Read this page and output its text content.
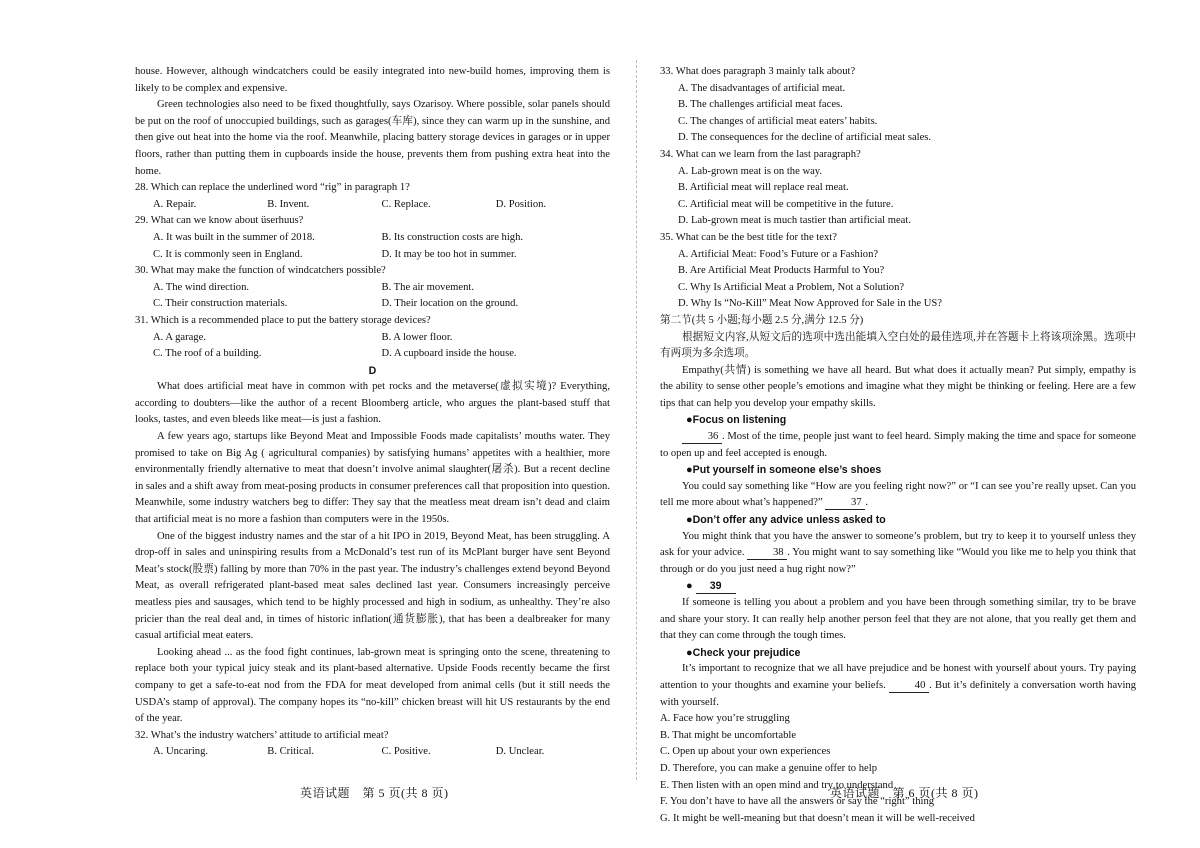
house. However, although windcatchers could be easily integrated into new-build homes, improving them is likely to be complex and expensive.

Green technologies also need to be fixed thoughtfully, says Ozarisoy. Where possible, solar panels should be put on the roof of unoccupied buildings, such as garages(车库), since they can warm up in the sunshine, and then give out heat into the home via the roof. Meanwhile, placing battery storage devices in garages or in upper floors, rather than putting them in cupboards inside the house, prevents them from pushing extra heat into the home.

28. Which can replace the underlined word “rig” in paragraph 1?

A. Repair.	B. Invent.	C. Replace.	D. Position.

29. What can we know about üserhuus?

A. It was built in the summer of 2018.	B. Its construction costs are high.
C. It is commonly seen in England.	D. It may be too hot in summer.

30. What may make the function of windcatchers possible?

A. The wind direction.	B. The air movement.
C. Their construction materials.	D. Their location on the ground.

31. Which is a recommended place to put the battery storage devices?

A. A garage.	B. A lower floor.
C. The roof of a building.	D. A cupboard inside the house.
D

What does artificial meat have in common with pet rocks and the metaverse(虚拟实境)? Everything, according to doubters—like the author of a recent Bloomberg article, who argues the plant-based stuff that looks, tastes, and even bleeds like meat—is just a fashion.

A few years ago, startups like Beyond Meat and Impossible Foods made capitalists’ mouths water. They promised to take on Big Ag ( agricultural companies) by satisfying humans’ appetites with a healthier, more environmentally friendly alternative to meat that doesn’t involve animal slaughter(屠杀). But a recent decline in sales and a shift away from meat-posing products in consumer preferences call that proposition into question. Meanwhile, some industry watchers beg to differ: They say that the meatless meat dream isn’t dead and claim that artificial meat is no more a fashion than computers were in the 1950s.

One of the biggest industry names and the star of a hit IPO in 2019, Beyond Meat, has been struggling. A drop-off in sales and uninspiring results from a McDonald’s test run of its McPlant burger have sent Beyond Meat’s stock(股票) falling by more than 70% in the past year. The industry’s challenges extend beyond Beyond Meat, as overall refrigerated plant-based meat sales declined last year. Consumers increasingly perceive meatless pies and sausages, which tend to be highly processed and high in sodium, as unhealthy. They’re also pricier than the real deal and, in times of historic inflation(通货膨胀), that has been a dealbreaker for many casual artificial meat eaters.

Looking ahead ... as the food fight continues, lab-grown meat is springing onto the scene, threatening to replace both your typical juicy steak and its plant-based alternative. Upside Foods recently became the first company to get a safe-to-eat nod from the FDA for meat developed from animal cells (but it still needs the USDA’s stamp of approval). The company hopes its “no-kill” chicken breast will hit US restaurants by the end of the year.

32. What’s the industry watchers’ attitude to artificial meat?

A. Uncaring.	B. Critical.	C. Positive.	D. Unclear.

33. What does paragraph 3 mainly talk about?

A. The disadvantages of artificial meat.
B. The challenges artificial meat faces.
C. The changes of artificial meat eaters’ habits.
D. The consequences for the decline of artificial meat sales.

34. What can we learn from the last paragraph?

A. Lab-grown meat is on the way.
B. Artificial meat will replace real meat.
C. Artificial meat will be competitive in the future.
D. Lab-grown meat is much tastier than artificial meat.

35. What can be the best title for the text?

A. Artificial Meat: Food’s Future or a Fashion?
B. Are Artificial Meat Products Harmful to You?
C. Why Is Artificial Meat a Problem, Not a Solution?
D. Why Is “No-Kill” Meat Now Approved for Sale in the US?

第二节(共 5 小题;每小题 2.5 分,满分 12.5 分)

根据短文内容,从短文后的选项中选出能填入空白处的最佳选项,并在答题卡上将该项涂黑。选项中有两项为多余选项。

Empathy(共情) is something we have all heard. But what does it actually mean? Put simply, empathy is the ability to sense other people’s emotions and imagine what they might be thinking or feeling. Here are a few tips that can help you develop your empathy skills.

●Focus on listening

36 . Most of the time, people just want to feel heard. Simply making the time and space for someone to open up and feel accepted is enough.

●Put yourself in someone else’s shoes

You could say something like “How are you feeling right now?” or “I can see you’re really upset. Can you tell me more about what’s happened?”	37 .

●Don’t offer any advice unless asked to

You might think that you have the answer to someone’s problem, but try to keep it to yourself unless they ask for your advice.	38 . You might want to say something like “Would you like me to help you think that through or do you just need a hug right now?”

● 39

If someone is telling you about a problem and you have been through something similar, try to be brave and share your story. It can really help another person feel that they are not alone, that you really get them and that they can come through the tough times.

●Check your prejudice

It’s important to recognize that we all have prejudice and be honest with yourself about yours. Try paying attention to your thoughts and examine your beliefs.	40 . But it’s definitely a conversation worth having with yourself.

A. Face how you’re struggling
B. That might be uncomfortable
C. Open up about your own experiences
D. Therefore, you can make a genuine offer to help
E. Then listen with an open mind and try to understand
F. You don’t have to have all the answers or say the “right” thing
G. It might be well-meaning but that doesn’t mean it will be well-received
英语试题　第 5 页(共 8 页)	英语试题　第 6 页(共 8 页)
